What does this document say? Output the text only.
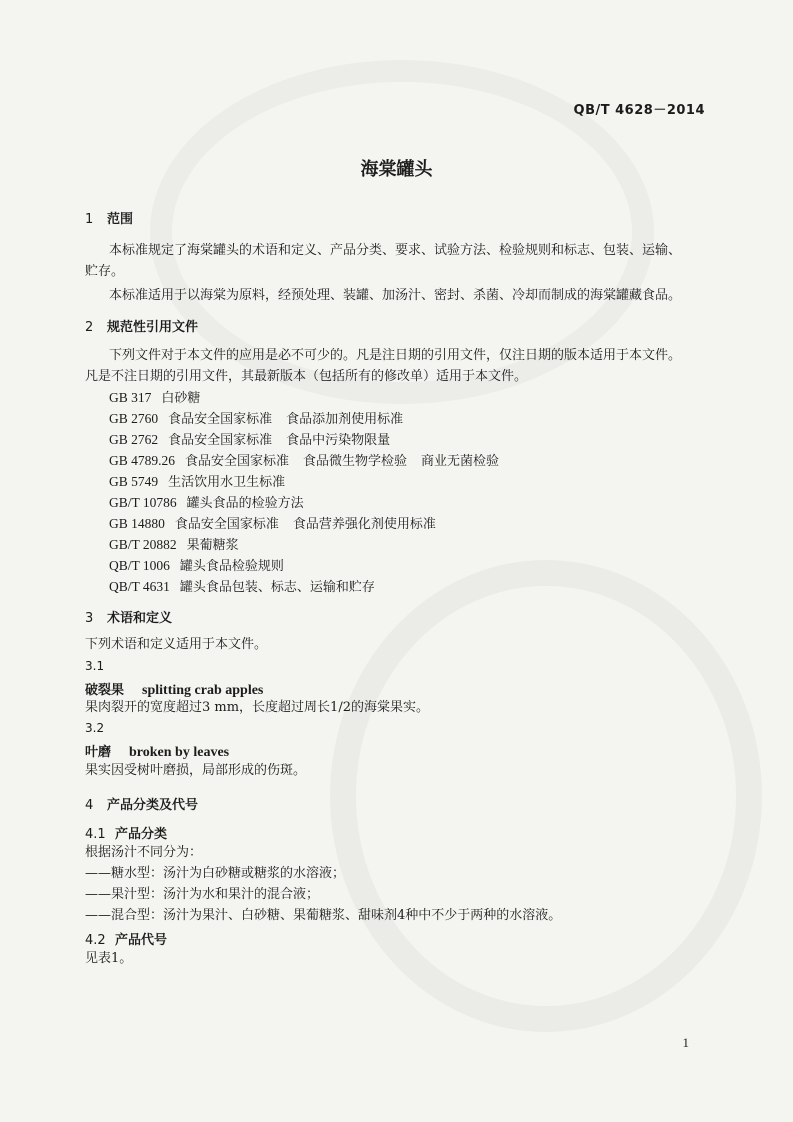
QB/T 4628－2014
海棠罐头
1 范围
本标准规定了海棠罐头的术语和定义、产品分类、要求、试验方法、检验规则和标志、包装、运输、
贮存。
本标准适用于以海棠为原料，经预处理、装罐、加汤汁、密封、杀菌、冷却而制成的海棠罐藏食品。
2 规范性引用文件
下列文件对于本文件的应用是必不可少的。凡是注日期的引用文件，仅注日期的版本适用于本文件。
凡是不注日期的引用文件，其最新版本（包括所有的修改单）适用于本文件。
GB 317 白砂糖
GB 2760 食品安全国家标准 食品添加剂使用标准
GB 2762 食品安全国家标准 食品中污染物限量
GB 4789.26 食品安全国家标准 食品微生物学检验 商业无菌检验
GB 5749 生活饮用水卫生标准
GB/T 10786 罐头食品的检验方法
GB 14880 食品安全国家标准 食品营养强化剂使用标准
GB/T 20882 果葡糖浆
QB/T 1006 罐头食品检验规则
QB/T 4631 罐头食品包装、标志、运输和贮存
3 术语和定义
下列术语和定义适用于本文件。
3.1
破裂果 splitting crab apples
果肉裂开的宽度超过3 mm，长度超过周长1/2的海棠果实。
3.2
叶磨 broken by leaves
果实因受树叶磨损，局部形成的伤斑。
4 产品分类及代号
4.1 产品分类
根据汤汁不同分为：
——糖水型：汤汁为白砂糖或糖浆的水溶液；
——果汁型：汤汁为水和果汁的混合液；
——混合型：汤汁为果汁、白砂糖、果葡糖浆、甜味剂4种中不少于两种的水溶液。
4.2 产品代号
见表1。
1
